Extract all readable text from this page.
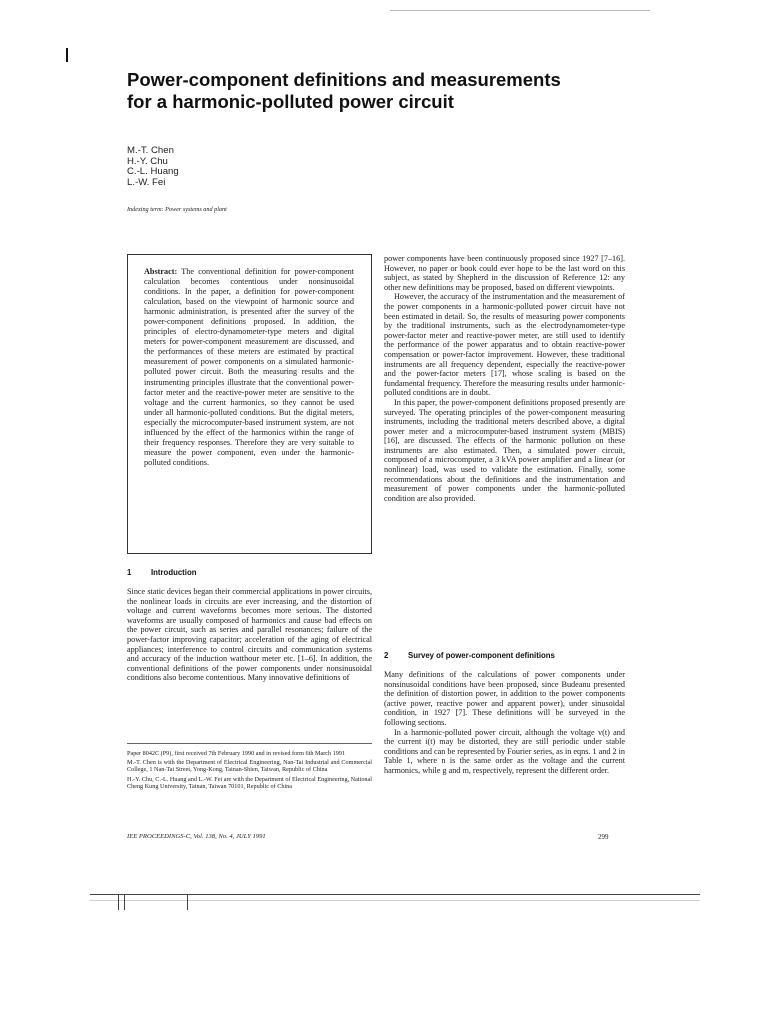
Power-component definitions and measurements
for a harmonic-polluted power circuit
M.-T. Chen
H.-Y. Chu
C.-L. Huang
L.-W. Fei
Indexing term: Power systems and plant
Abstract: The conventional definition for power-component calculation becomes contentious under nonsinusoidal conditions. In the paper, a definition for power-component calculation, based on the viewpoint of harmonic source and harmonic administration, is presented after the survey of the power-component definitions proposed. In addition, the principles of electro-dynamometer-type meters and digital meters for power-component measurement are discussed, and the performances of these meters are estimated by practical measurement of power components on a simulated harmonic-polluted power circuit. Both the measuring results and the instrumenting principles illustrate that the conventional power-factor meter and the reactive-power meter are sensitive to the voltage and the current harmonics, so they cannot be used under all harmonic-polluted conditions. But the digital meters, especially the microcomputer-based instrument system, are not influenced by the effect of the harmonics within the range of their frequency responses. Therefore they are very suitable to measure the power component, even under the harmonic-polluted conditions.
1	Introduction

Since static devices began their commercial applications in power circuits, the nonlinear loads in circuits are ever increasing, and the distortion of voltage and current waveforms becomes more serious. The distorted waveforms are usually composed of harmonics and cause bad effects on the power circuit, such as series and parallel resonances; failure of the power-factor improving capacitor; acceleration of the aging of electrical appliances; interference to control circuits and communication systems and accuracy of the induction watthour meter etc. [1–6]. In addition, the conventional definitions of the power components under nonsinusoidal conditions also become contentious. Many innovative definitions of

Paper 8042C (P9), first received 7th February 1990 and in revised form 6th March 1991

M.-T. Chen is with the Department of Electrical Engineering, Nan-Tai Industrial and Commercial College, 1 Nan-Tai Street, Yong-Kong, Tainan-Shien, Taiwan, Republic of China

H.-Y. Chu, C.-L. Huang and L.-W. Fei are with the Department of Electrical Engineering, National Cheng Kung University, Tainan, Taiwan 70101, Republic of China

IEE PROCEEDINGS-C, Vol. 138, No. 4, JULY 1991	299

power components have been continuously proposed since 1927 [7–16]. However, no paper or book could ever hope to be the last word on this subject, as stated by Shepherd in the discussion of Reference 12: any other new definitions may be proposed, based on different viewpoints.

However, the accuracy of the instrumentation and the measurement of the power components in a harmonic-polluted power circuit have not been estimated in detail. So, the results of measuring power components by the traditional instruments, such as the electrodynamometer-type power-factor meter and reactive-power meter, are still used to identify the performance of the power apparatus and to obtain reactive-power compensation or power-factor improvement. However, these traditional instruments are all frequency dependent, especially the reactive-power and the power-factor meters [17], whose scaling is based on the fundamental frequency. Therefore the measuring results under harmonic-polluted conditions are in doubt.

In this paper, the power-component definitions proposed presently are surveyed. The operating principles of the power-component measuring instruments, including the traditional meters described above, a digital power meter and a microcomputer-based instrument system (MBIS) [16], are discussed. The effects of the harmonic pollution on these instruments are also estimated. Then, a simulated power circuit, composed of a microcomputer, a 3 kVA power amplifier and a linear (or nonlinear) load, was used to validate the estimation. Finally, some recommendations about the definitions and the instrumentation and measurement of power components under the harmonic-polluted condition are also provided.

2	Survey of power-component definitions

Many definitions of the calculations of power components under nonsinusoidal conditions have been proposed, since Budeanu presented the definition of distortion power, in addition to the power components (active power, reactive power and apparent power), under sinusoidal condition, in 1927 [7]. These definitions will be surveyed in the following sections.

In a harmonic-polluted power circuit, although the voltage v(t) and the current i(t) may be distorted, they are still periodic under stable conditions and can be represented by Fourier series, as in eqns. 1 and 2 in Table 1, where n is the same order as the voltage and the current harmonics, while g and m, respectively, represent the different order.
